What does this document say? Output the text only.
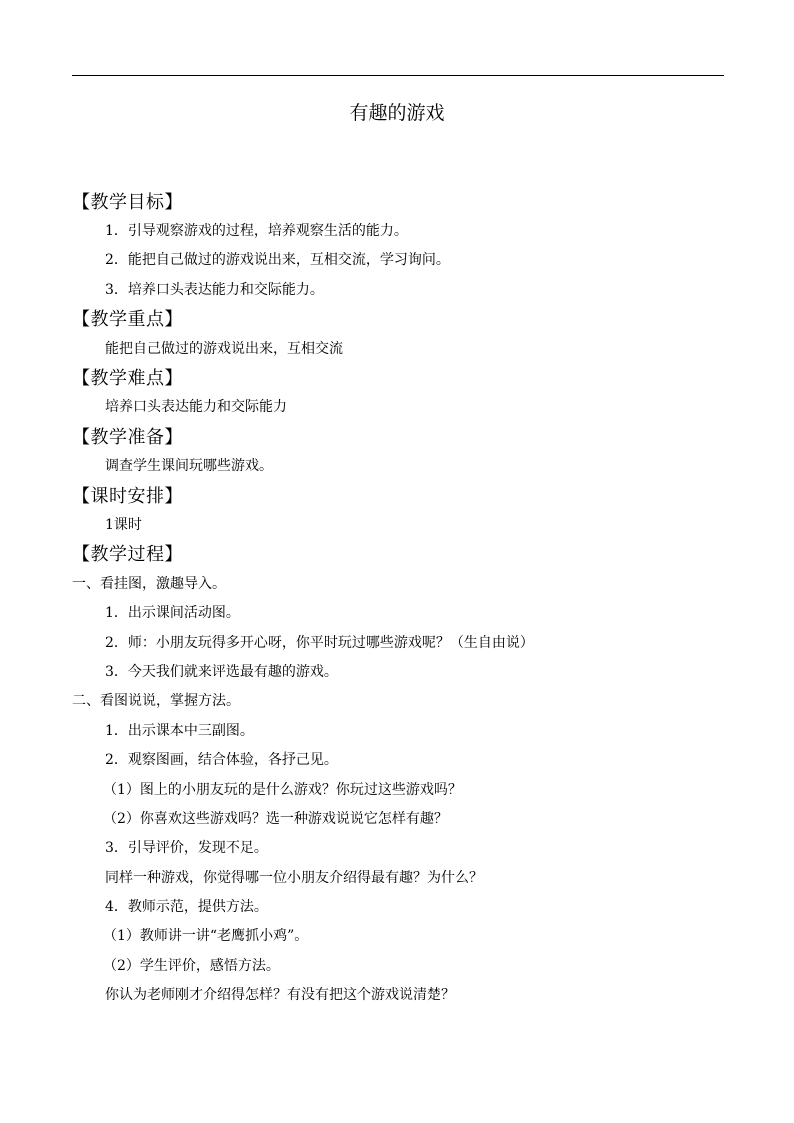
有趣的游戏
【教学目标】
1．引导观察游戏的过程，培养观察生活的能力。
2．能把自己做过的游戏说出来，互相交流，学习询问。
3．培养口头表达能力和交际能力。
【教学重点】
能把自己做过的游戏说出来，互相交流
【教学难点】
培养口头表达能力和交际能力
【教学准备】
调查学生课间玩哪些游戏。
【课时安排】
1课时
【教学过程】
一、看挂图，激趣导入。
1．出示课间活动图。
2．师：小朋友玩得多开心呀，你平时玩过哪些游戏呢？（生自由说）
3．今天我们就来评选最有趣的游戏。
二、看图说说，掌握方法。
1．出示课本中三副图。
2．观察图画，结合体验，各抒己见。
（1）图上的小朋友玩的是什么游戏？你玩过这些游戏吗？
（2）你喜欢这些游戏吗？选一种游戏说说它怎样有趣？
3．引导评价，发现不足。
同样一种游戏，你觉得哪一位小朋友介绍得最有趣？为什么？
4．教师示范，提供方法。
（1）教师讲一讲“老鹰抓小鸡”。
（2）学生评价，感悟方法。
你认为老师刚才介绍得怎样？有没有把这个游戏说清楚？
